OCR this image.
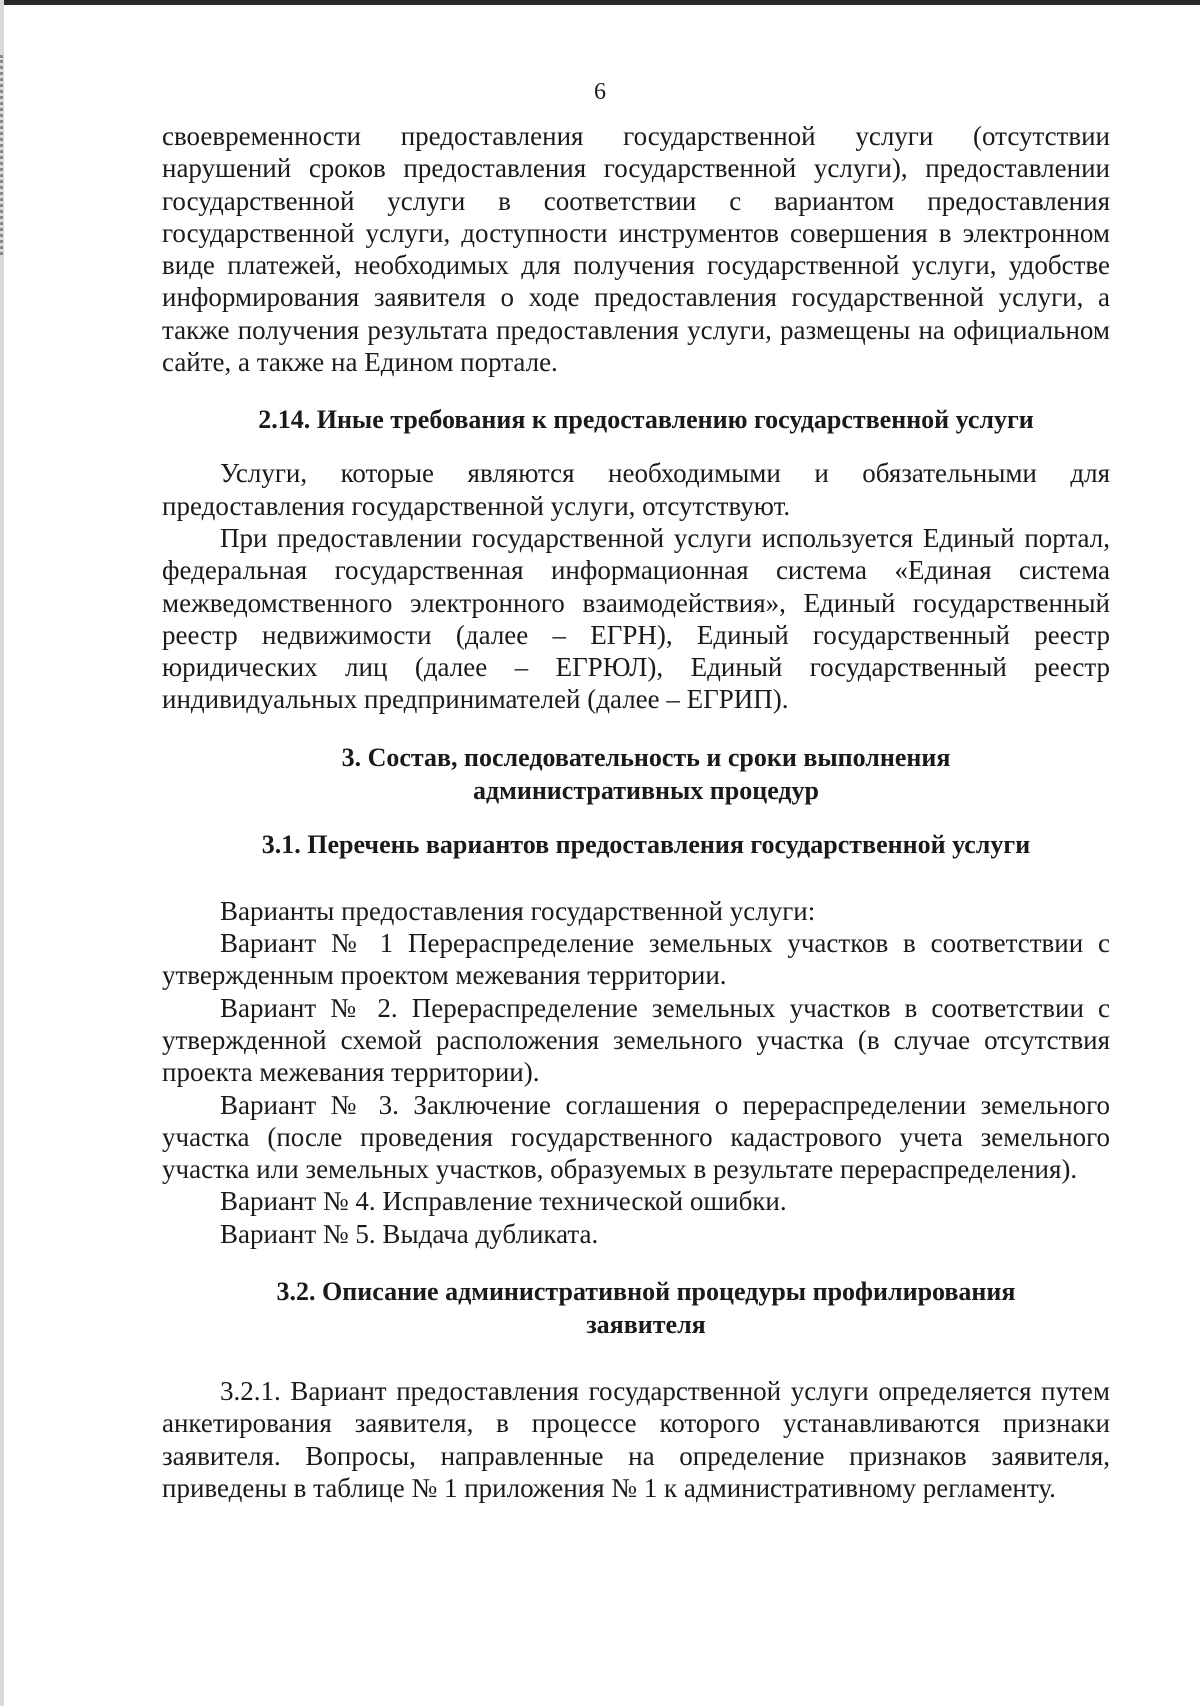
6

своевременности предоставления государственной услуги (отсутствии нарушений сроков предоставления государственной услуги), предоставлении государственной услуги в соответствии с вариантом предоставления государственной услуги, доступности инструментов совершения в электронном виде платежей, необходимых для получения государственной услуги, удобстве информирования заявителя о ходе предоставления государственной услуги, а также получения результата предоставления услуги, размещены на официальном сайте, а также на Едином портале.

2.14. Иные требования к предоставлению государственной услуги

Услуги, которые являются необходимыми и обязательными для предоставления государственной услуги, отсутствуют.

При предоставлении государственной услуги используется Единый портал, федеральная государственная информационная система «Единая система межведомственного электронного взаимодействия», Единый государственный реестр недвижимости (далее – ЕГРН), Единый государственный реестр юридических лиц (далее – ЕГРЮЛ), Единый государственный реестр индивидуальных предпринимателей (далее – ЕГРИП).

3. Состав, последовательность и сроки выполнения

административных процедур

3.1. Перечень вариантов предоставления государственной услуги

Варианты предоставления государственной услуги:

Вариант № 1 Перераспределение земельных участков в соответствии с утвержденным проектом межевания территории.

Вариант № 2. Перераспределение земельных участков в соответствии с утвержденной схемой расположения земельного участка (в случае отсутствия проекта межевания территории).

Вариант № 3. Заключение соглашения о перераспределении земельного участка (после проведения государственного кадастрового учета земельного участка или земельных участков, образуемых в результате перераспределения).

Вариант № 4. Исправление технической ошибки.

Вариант № 5. Выдача дубликата.

3.2. Описание административной процедуры профилирования

заявителя

3.2.1. Вариант предоставления государственной услуги определяется путем анкетирования заявителя, в процессе которого устанавливаются признаки заявителя. Вопросы, направленные на определение признаков заявителя, приведены в таблице № 1 приложения № 1 к административному регламенту.
